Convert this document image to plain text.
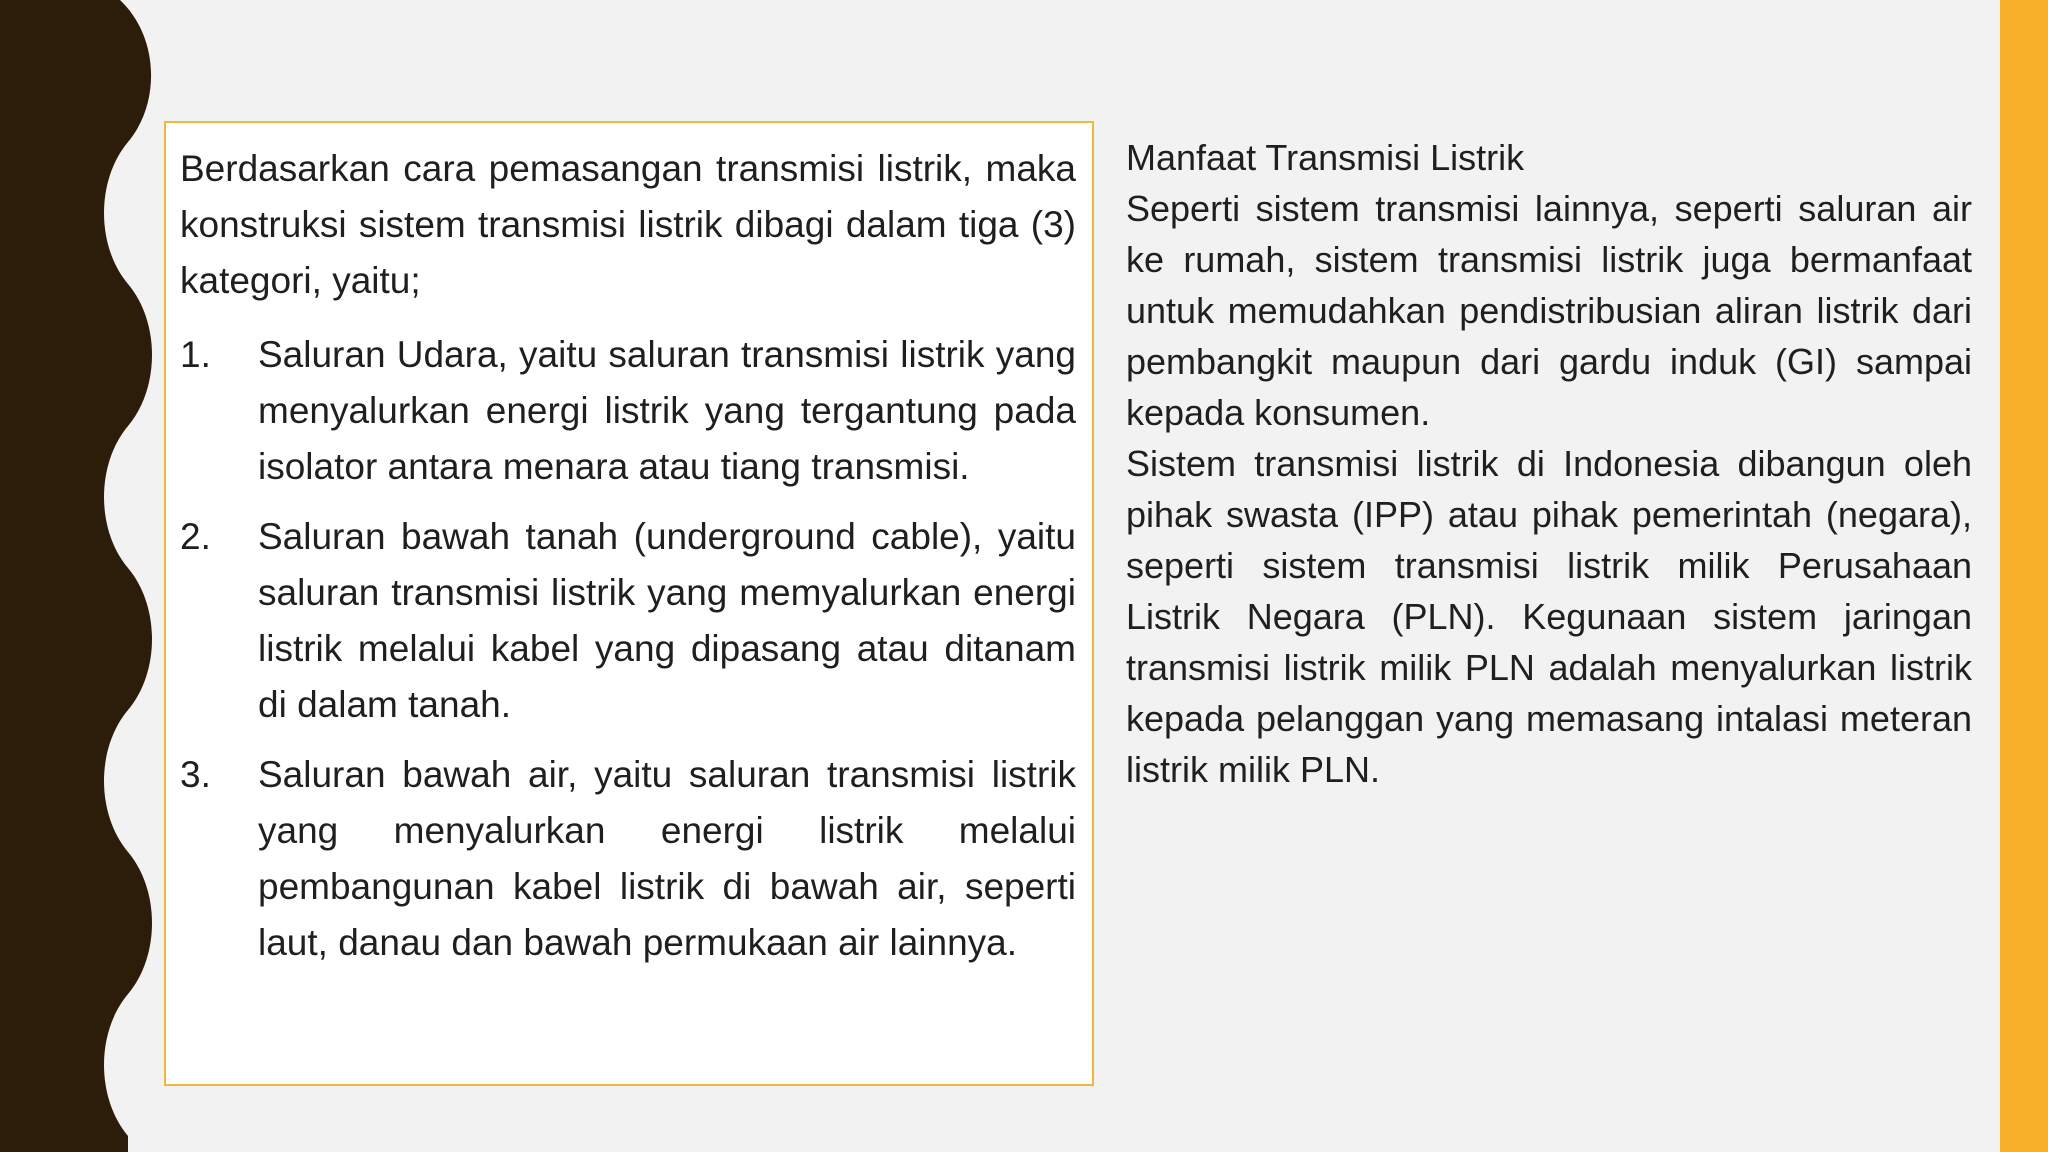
Berdasarkan cara pemasangan transmisi listrik, maka konstruksi sistem transmisi listrik dibagi dalam tiga (3) kategori, yaitu;

1.	Saluran Udara, yaitu saluran transmisi listrik yang menyalurkan energi listrik yang tergantung pada isolator antara menara atau tiang transmisi.
2.	Saluran bawah tanah (underground cable), yaitu saluran transmisi listrik yang memyalurkan energi listrik melalui kabel yang dipasang atau ditanam di dalam tanah.
3.	Saluran bawah air, yaitu saluran transmisi listrik yang menyalurkan energi listrik melalui pembangunan kabel listrik di bawah air, seperti laut, danau dan bawah permukaan air lainnya.

Manfaat Transmisi Listrik

Seperti sistem transmisi lainnya, seperti saluran air ke rumah, sistem transmisi listrik juga bermanfaat untuk memudahkan pendistribusian aliran listrik dari pembangkit maupun dari gardu induk (GI) sampai kepada konsumen.

Sistem transmisi listrik di Indonesia dibangun oleh pihak swasta (IPP) atau pihak pemerintah (negara), seperti sistem transmisi listrik milik Perusahaan Listrik Negara (PLN). Kegunaan sistem jaringan transmisi listrik milik PLN adalah menyalurkan listrik kepada pelanggan yang memasang intalasi meteran listrik milik PLN.
